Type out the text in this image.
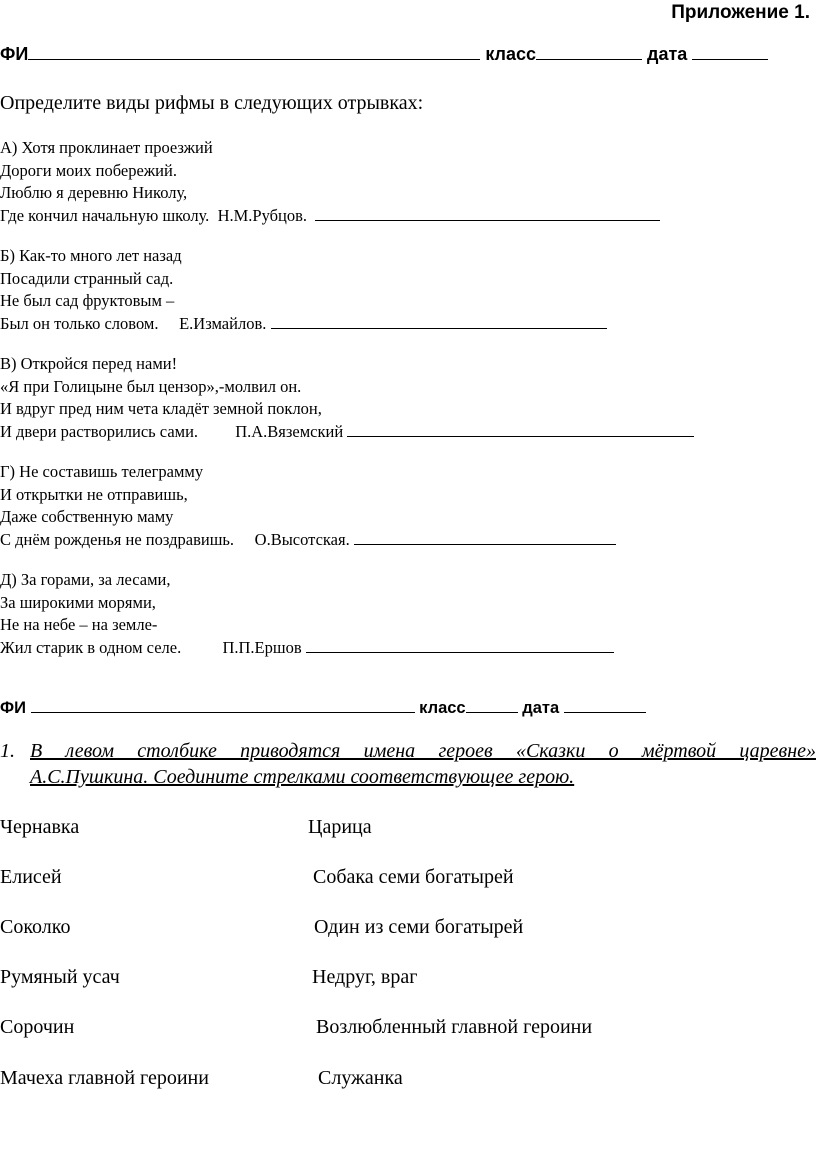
Приложение 1.
ФИ	класс	дата
Определите виды рифмы в следующих отрывках:
А) Хотя проклинает проезжий
Дороги моих побережий.
Люблю я деревню Николу,
Где кончил начальную школу. Н.М.Рубцов.
Б) Как-то много лет назад
Посадили странный сад.
Не был сад фруктовым –
Был он только словом. Е.Измайлов.
В) Откройся перед нами!
«Я при Голицыне был цензор»,-молвил он.
И вдруг пред ним чета кладёт земной поклон,
И двери растворились сами. П.А.Вяземский
Г) Не составишь телеграмму
И открытки не отправишь,
Даже собственную маму
С днём рожденья не поздравишь. О.Высотская.
Д) За горами, за лесами,
За широкими морями,
Не на небе – на земле-
Жил старик в одном селе.	П.П.Ершов
ФИ	класс	дата
1. В левом столбике приводятся имена героев «Сказки о мёртвой царевне»
А.С.Пушкина. Соедините стрелками соответствующее герою.
Чернавка	Царица
Елисей	Собака семи богатырей
Соколко	Один из семи богатырей
Румяный усач	Недруг, враг
Сорочин	Возлюбленный главной героини
Мачеха главной героини	Служанка
